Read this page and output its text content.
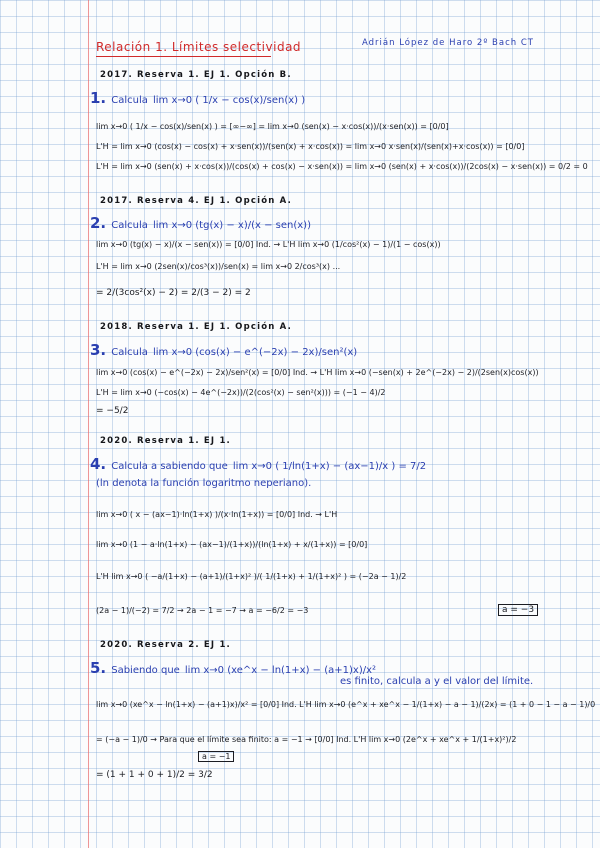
Relación 1. Límites selectividad	Adrián López de Haro 2º Bach CT
2017. Reserva 1. EJ 1. Opción B.
1. Calcula lim x→0 ( 1/x − cos(x)/sen(x) )
lim x→0 ( 1/x − cos(x)/sen(x) ) = [∞−∞] = lim x→0 (sen(x) − x·cos(x))/(x·sen(x)) = [0/0]
L'H = lim x→0 (cos(x) − cos(x) + x·sen(x))/(sen(x) + x·cos(x)) = lim x→0 x·sen(x)/(sen(x)+x·cos(x)) = [0/0]
L'H = lim x→0 (sen(x) + x·cos(x))/(cos(x) + cos(x) − x·sen(x)) = lim x→0 (sen(x) + x·cos(x))/(2cos(x) − x·sen(x)) = 0/2 = 0
2017. Reserva 4. EJ 1. Opción A.
2. Calcula lim x→0 (tg(x) − x)/(x − sen(x))
lim x→0 (tg(x) − x)/(x − sen(x)) = [0/0] Ind. → L'H lim x→0 (1/cos²(x) − 1)/(1 − cos(x))
L'H = lim x→0 (2sen(x)/cos³(x))/sen(x) = lim x→0 2/cos³(x) ...
= 2/(3cos²(x) − 2) = 2/(3 − 2) = 2
2018. Reserva 1. EJ 1. Opción A.
3. Calcula lim x→0 (cos(x) − e^(−2x) − 2x)/sen²(x)
lim x→0 (cos(x) − e^(−2x) − 2x)/sen²(x) = [0/0] Ind. → L'H lim x→0 (−sen(x) + 2e^(−2x) − 2)/(2sen(x)cos(x))
L'H = lim x→0 (−cos(x) − 4e^(−2x))/(2(cos²(x) − sen²(x))) = (−1 − 4)/2
= −5/2
2020. Reserva 1. EJ 1.
4. Calcula a sabiendo que lim x→0 ( 1/ln(1+x) − (ax−1)/x ) = 7/2
(ln denota la función logaritmo neperiano).
lim x→0 ( x − (ax−1)·ln(1+x) )/(x·ln(1+x)) = [0/0] Ind. → L'H
lim x→0 (1 − a·ln(1+x) − (ax−1)/(1+x))/(ln(1+x) + x/(1+x)) = [0/0]
L'H lim x→0 ( −a/(1+x) − (a+1)/(1+x)² )/( 1/(1+x) + 1/(1+x)² ) = (−2a − 1)/2
(2a − 1)/(−2) = 7/2 → 2a − 1 = −7 → a = −6/2 = −3	a = −3
2020. Reserva 2. EJ 1.
5. Sabiendo que lim x→0 (xe^x − ln(1+x) − (a+1)x)/x²
es finito, calcula a y el valor del límite.
lim x→0 (xe^x − ln(1+x) − (a+1)x)/x² = [0/0] Ind. L'H lim x→0 (e^x + xe^x − 1/(1+x) − a − 1)/(2x) = (1 + 0 − 1 − a − 1)/0
= (−a − 1)/0 → Para que el límite sea finito: a = −1 → [0/0] Ind. L'H lim x→0 (2e^x + xe^x + 1/(1+x)²)/2
a = −1
= (1 + 1 + 0 + 1)/2 = 3/2
